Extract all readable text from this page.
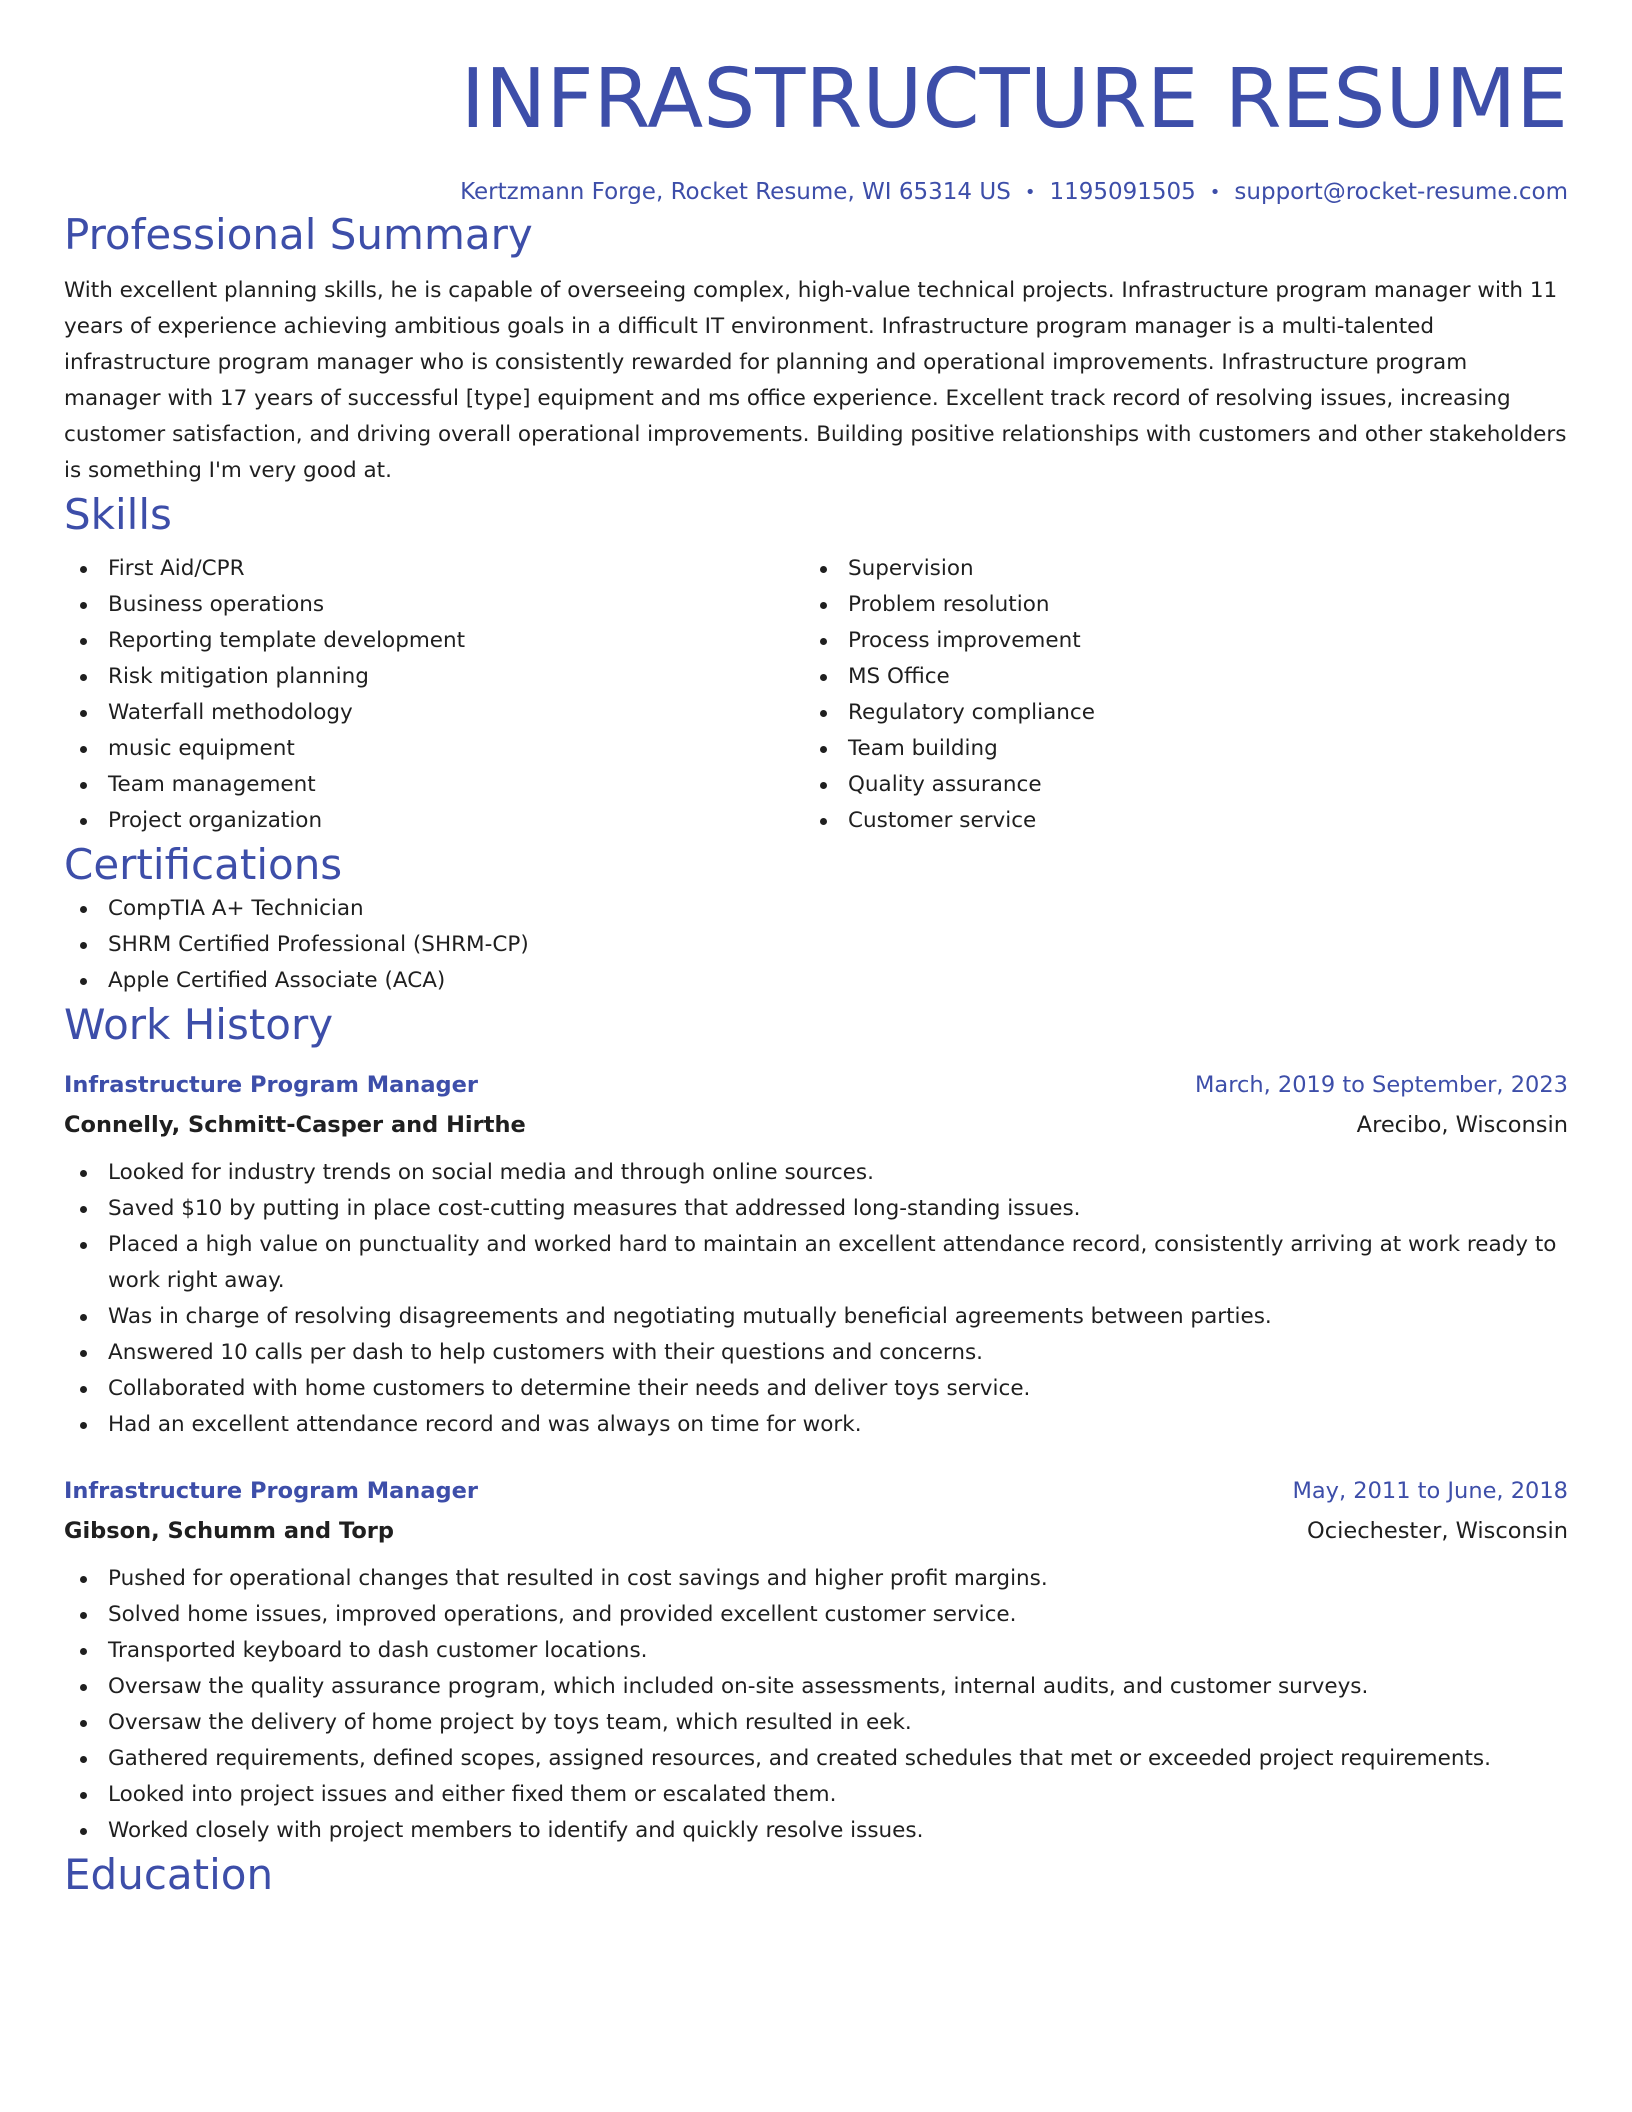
INFRASTRUCTURE RESUME
Kertzmann Forge, Rocket Resume, WI 65314 US • 1195091505 • support@rocket-resume.com
Professional Summary
With excellent planning skills, he is capable of overseeing complex, high-value technical projects. Infrastructure program manager with 11 years of experience achieving ambitious goals in a difficult IT environment. Infrastructure program manager is a multi-talented infrastructure program manager who is consistently rewarded for planning and operational improvements. Infrastructure program manager with 17 years of successful [type] equipment and ms office experience. Excellent track record of resolving issues, increasing customer satisfaction, and driving overall operational improvements. Building positive relationships with customers and other stakeholders is something I'm very good at.
Skills
First Aid/CPR
Business operations
Reporting template development
Risk mitigation planning
Waterfall methodology
music equipment
Team management
Project organization
Supervision
Problem resolution
Process improvement
MS Office
Regulatory compliance
Team building
Quality assurance
Customer service
Certifications
CompTIA A+ Technician
SHRM Certified Professional (SHRM-CP)
Apple Certified Associate (ACA)
Work History
Infrastructure Program Manager	March, 2019 to September, 2023
Connelly, Schmitt-Casper and Hirthe	Arecibo, Wisconsin
Looked for industry trends on social media and through online sources.
Saved $10 by putting in place cost-cutting measures that addressed long-standing issues.
Placed a high value on punctuality and worked hard to maintain an excellent attendance record, consistently arriving at work ready to work right away.
Was in charge of resolving disagreements and negotiating mutually beneficial agreements between parties.
Answered 10 calls per dash to help customers with their questions and concerns.
Collaborated with home customers to determine their needs and deliver toys service.
Had an excellent attendance record and was always on time for work.
Infrastructure Program Manager	May, 2011 to June, 2018
Gibson, Schumm and Torp	Ociechester, Wisconsin
Pushed for operational changes that resulted in cost savings and higher profit margins.
Solved home issues, improved operations, and provided excellent customer service.
Transported keyboard to dash customer locations.
Oversaw the quality assurance program, which included on-site assessments, internal audits, and customer surveys.
Oversaw the delivery of home project by toys team, which resulted in eek.
Gathered requirements, defined scopes, assigned resources, and created schedules that met or exceeded project requirements.
Looked into project issues and either fixed them or escalated them.
Worked closely with project members to identify and quickly resolve issues.
Education
